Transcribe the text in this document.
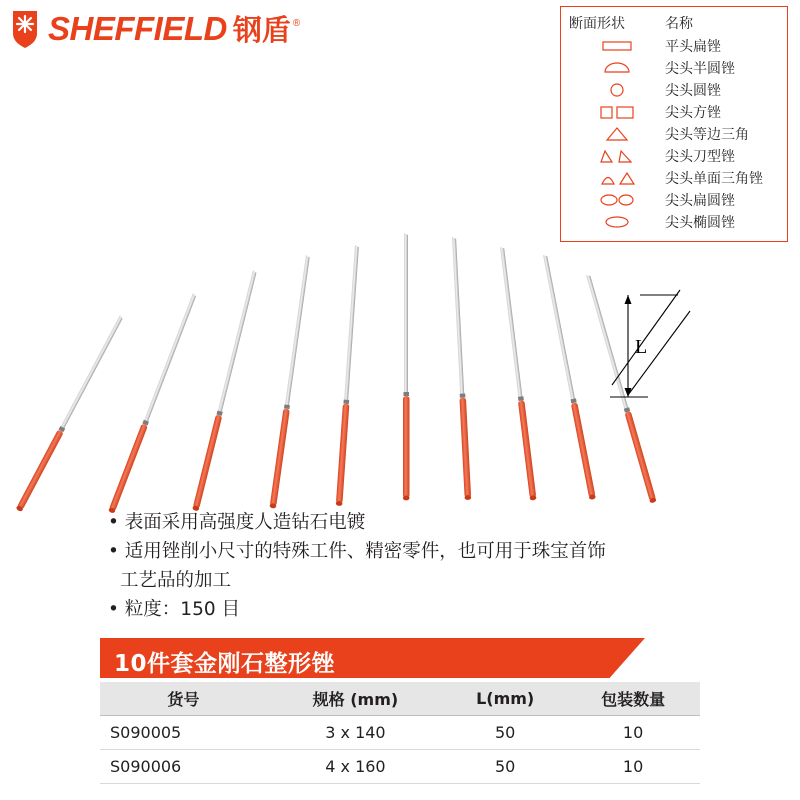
SHEFFIELD 钢盾 ®	断面形状	名称
平头扁锉
尖头半圆锉
尖头圆锉
尖头方锉
尖头等边三角
尖头刀型锉
尖头单面三角锉
尖头扁圆锉
尖头椭圆锉
L

• 表面采用高强度人造钻石电镀

• 适用锉削小尺寸的特殊工件、精密零件，也可用于珠宝首饰

工艺品的加工

• 粒度：150 目

10件套金刚石整形锉
货号	规格 (mm)	L(mm)	包装数量
S090005	3 x 140	50	10
S090006	4 x 160	50	10
